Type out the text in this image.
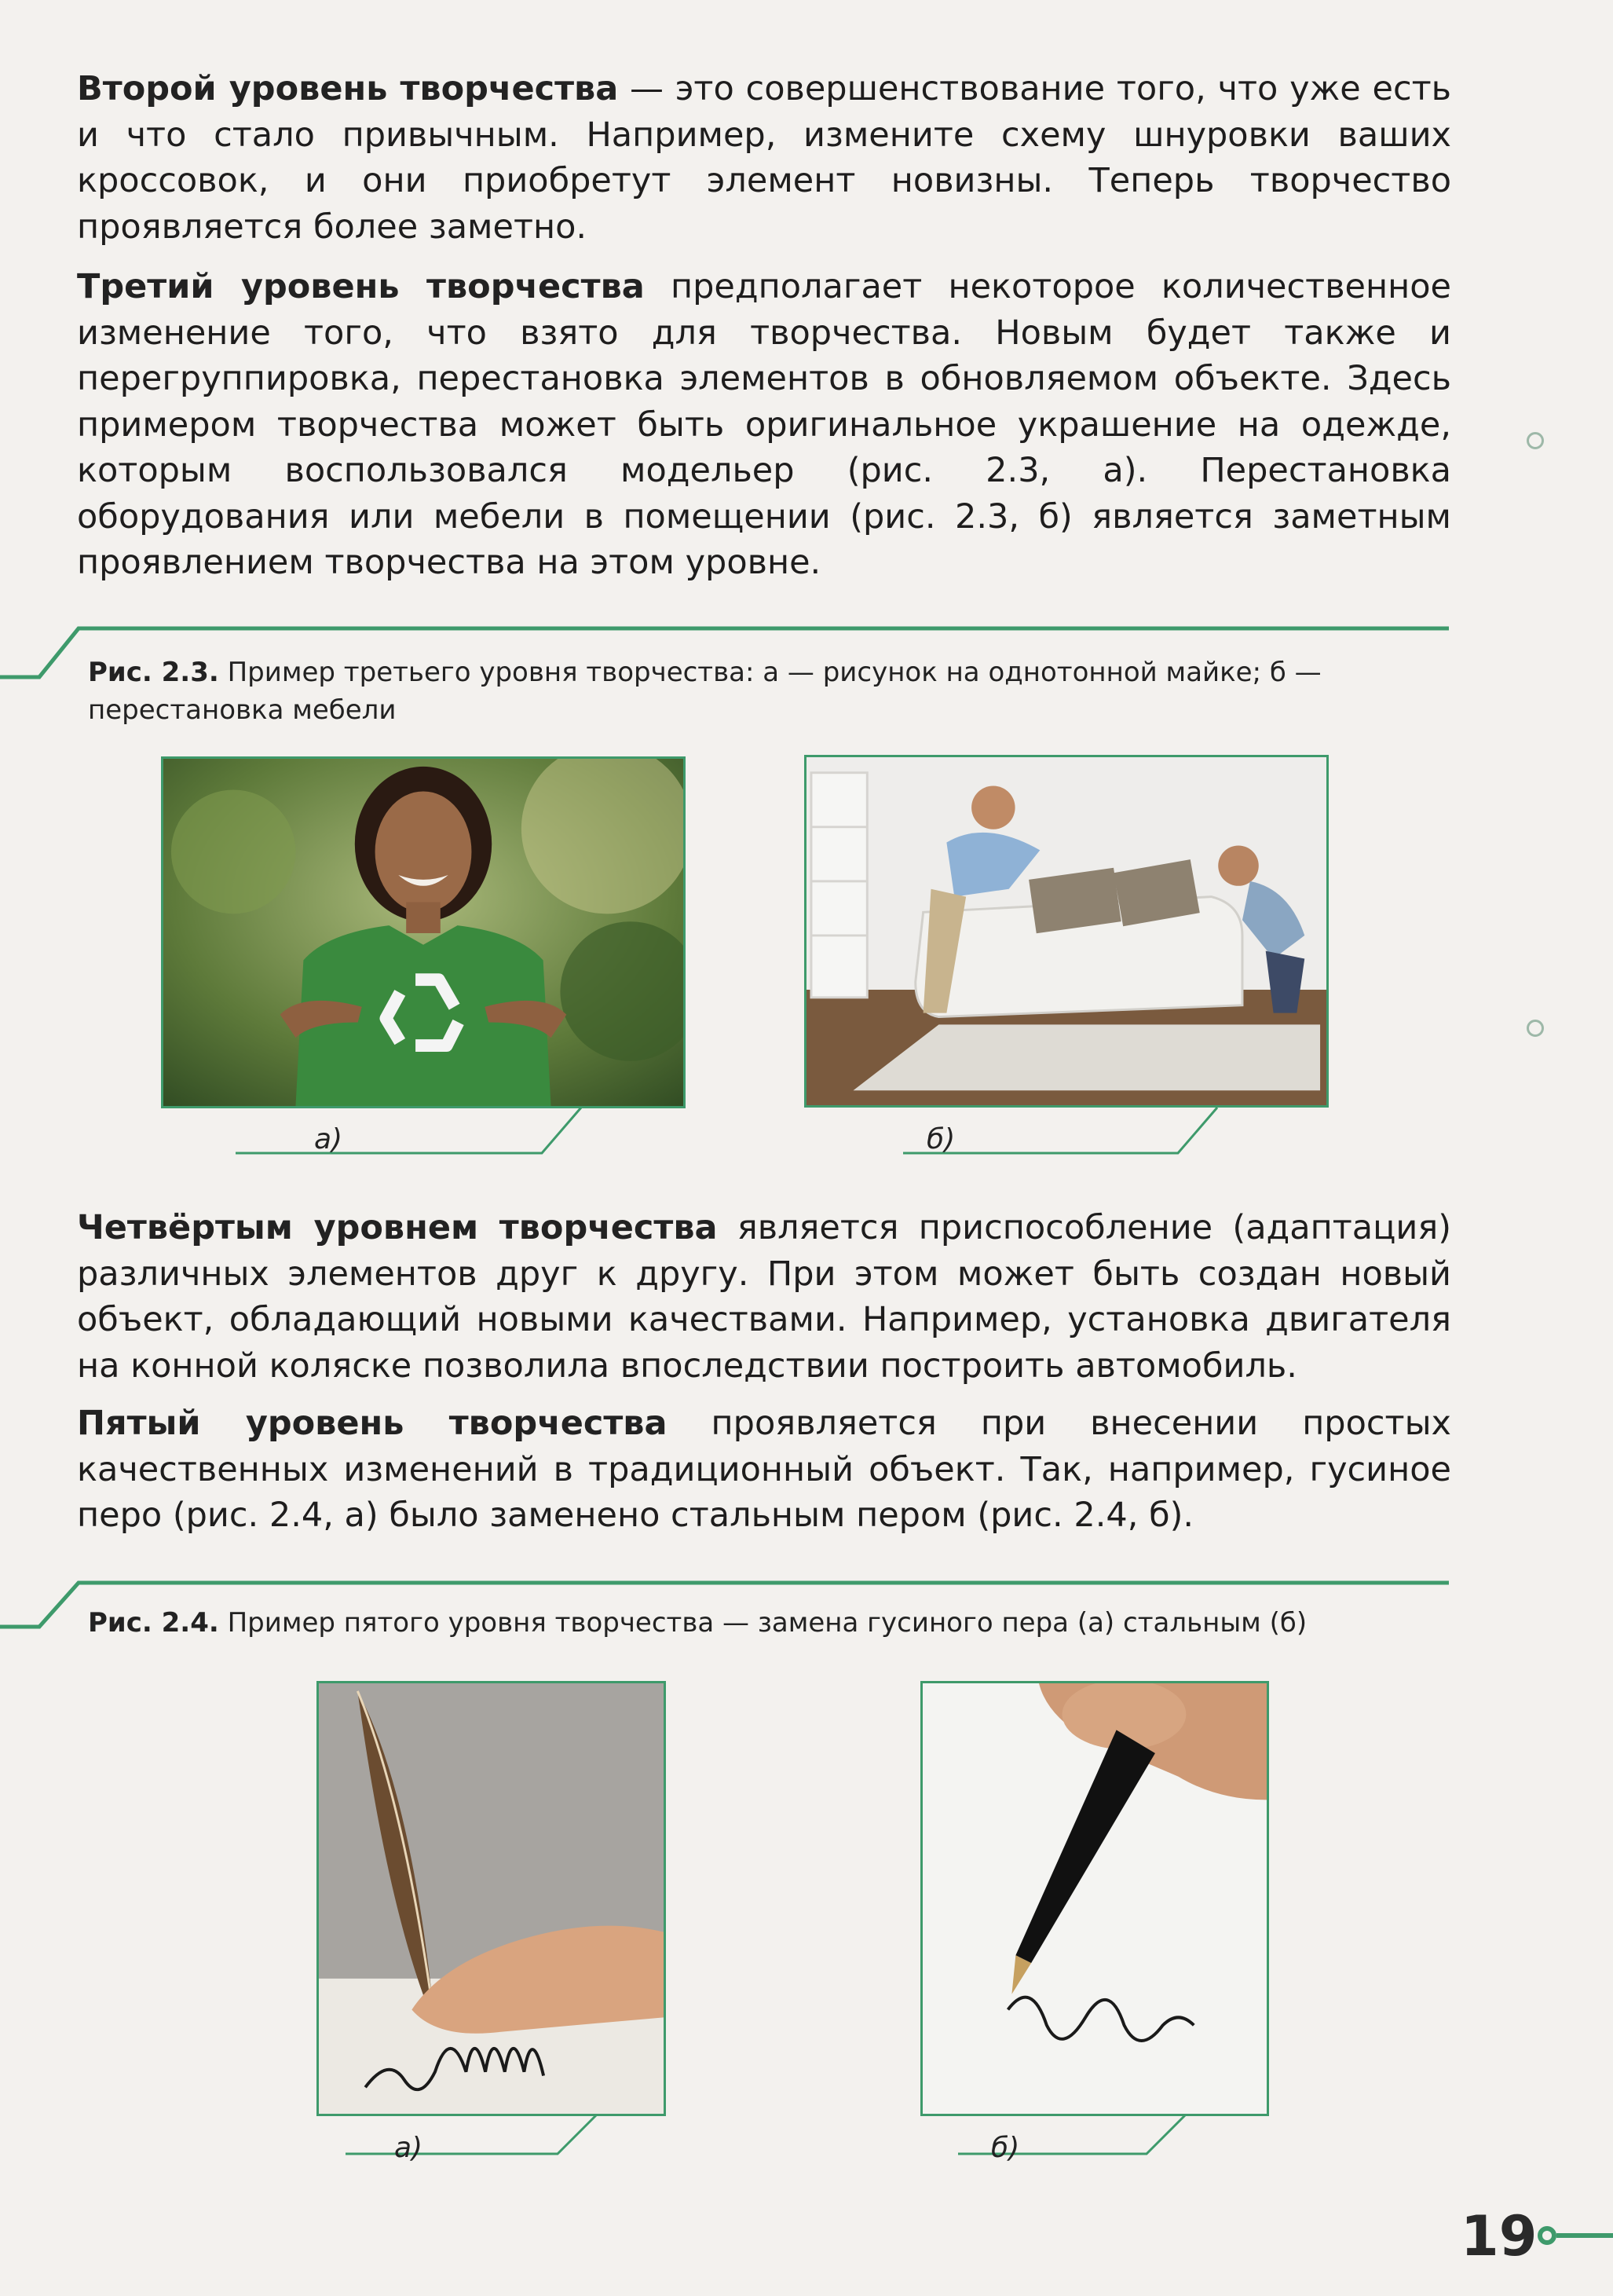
Второй уровень творчества — это совершенствование того, что уже есть и что стало привычным. Например, измените схему шнуровки ваших кроссовок, и они приобретут элемент новизны. Теперь творчество проявляется более заметно.

Третий уровень творчества предполагает некоторое количественное изменение того, что взято для творчества. Новым будет также и перегруппировка, перестановка элементов в обновляемом объекте. Здесь примером творчества может быть оригинальное украшение на одежде, которым воспользовался модельер (рис. 2.3, а). Перестановка оборудования или мебели в помещении (рис. 2.3, б) является заметным проявлением творчества на этом уровне.

Рис. 2.3. Пример третьего уровня творчества: а — рисунок на однотонной майке; б — перестановка мебели

а)	б)

Четвёртым уровнем творчества является приспособление (адаптация) различных элементов друг к другу. При этом может быть создан новый объект, обладающий новыми качествами. Например, установка двигателя на конной коляске позволила впоследствии построить автомобиль.

Пятый уровень творчества проявляется при внесении простых качественных изменений в традиционный объект. Так, например, гусиное перо (рис. 2.4, а) было заменено стальным пером (рис. 2.4, б).

Рис. 2.4. Пример пятого уровня творчества — замена гусиного пера (а) стальным (б)

а)	б)
19
